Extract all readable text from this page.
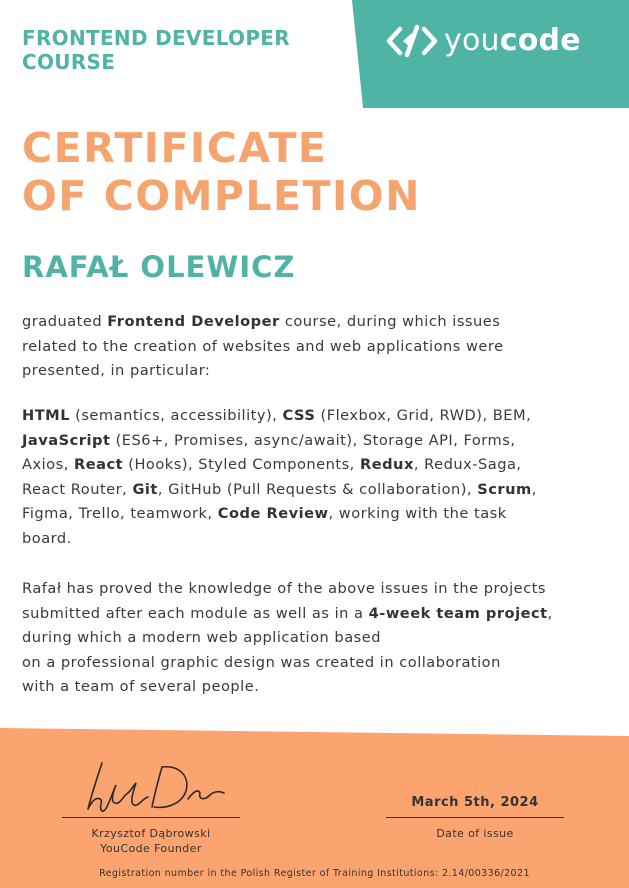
youcode
FRONTEND DEVELOPER
COURSE
CERTIFICATE
OF COMPLETION
RAFAŁ OLEWICZ
graduated Frontend Developer course, during which issues
related to the creation of websites and web applications were
presented, in particular:
HTML (semantics, accessibility), CSS (Flexbox, Grid, RWD), BEM,
JavaScript (ES6+, Promises, async/await), Storage API, Forms,
Axios, React (Hooks), Styled Components, Redux, Redux-Saga,
React Router, Git, GitHub (Pull Requests & collaboration), Scrum,
Figma, Trello, teamwork, Code Review, working with the task
board.
Rafał has proved the knowledge of the above issues in the projects
submitted after each module as well as in a 4-week team project,
during which a modern web application based
on a professional graphic design was created in collaboration
with a team of several people.
Krzysztof Dąbrowski
YouCode Founder
March 5th, 2024
Date of issue
Registration number in the Polish Register of Training Institutions: 2.14/00336/2021
